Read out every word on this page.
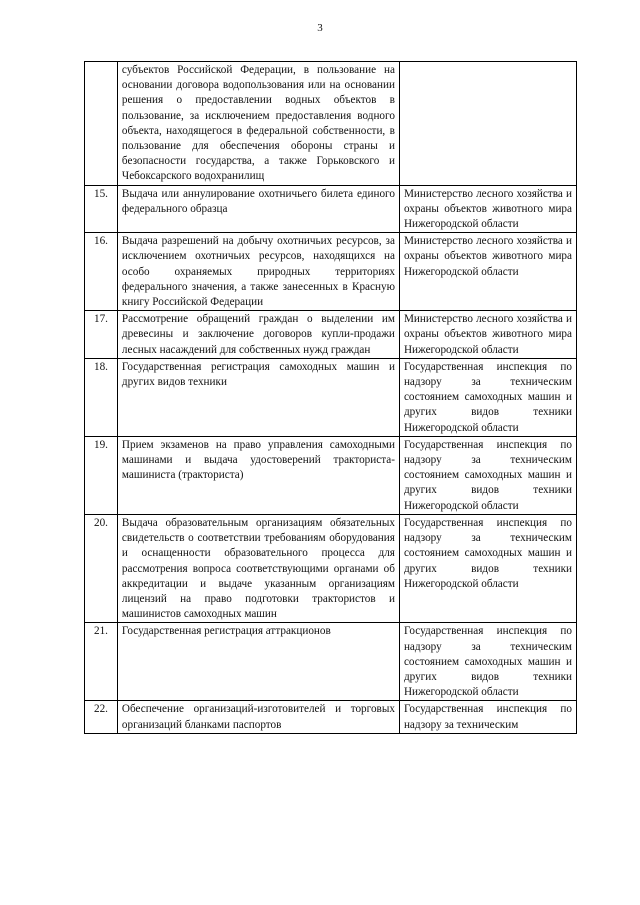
3
	субъектов Российской Федерации, в пользование на основании договора водопользования или на основании решения о предоставлении водных объектов в пользование, за исключением предоставления водного объекта, находящегося в федеральной собственности, в пользование для обеспечения обороны страны и безопасности государства, а также Горьковского и Чебоксарского водохранилищ	
15.	Выдача или аннулирование охотничьего билета единого федерального образца	Министерство лесного хозяйства и охраны объектов животного мира Нижегородской области
16.	Выдача разрешений на добычу охотничьих ресурсов, за исключением охотничьих ресурсов, находящихся на особо охраняемых природных территориях федерального значения, а также занесенных в Красную книгу Российской Федерации	Министерство лесного хозяйства и охраны объектов животного мира Нижегородской области
17.	Рассмотрение обращений граждан о выделении им древесины и заключение договоров купли-продажи лесных насаждений для собственных нужд граждан	Министерство лесного хозяйства и охраны объектов животного мира Нижегородской области
18.	Государственная регистрация самоходных машин и других видов техники	Государственная инспекция по надзору за техническим состоянием самоходных машин и других видов техники Нижегородской области
19.	Прием экзаменов на право управления самоходными машинами и выдача удостоверений тракториста-машиниста (тракториста)	Государственная инспекция по надзору за техническим состоянием самоходных машин и других видов техники Нижегородской области
20.	Выдача образовательным организациям обязательных свидетельств о соответствии требованиям оборудования и оснащенности образовательного процесса для рассмотрения вопроса соответствующими органами об аккредитации и выдаче указанным организациям лицензий на право подготовки трактористов и машинистов самоходных машин	Государственная инспекция по надзору за техническим состоянием самоходных машин и других видов техники Нижегородской области
21.	Государственная регистрация аттракционов	Государственная инспекция по надзору за техническим состоянием самоходных машин и других видов техники Нижегородской области
22.	Обеспечение организаций-изготовителей и торговых организаций бланками паспортов	Государственная инспекция по надзору за техническим
